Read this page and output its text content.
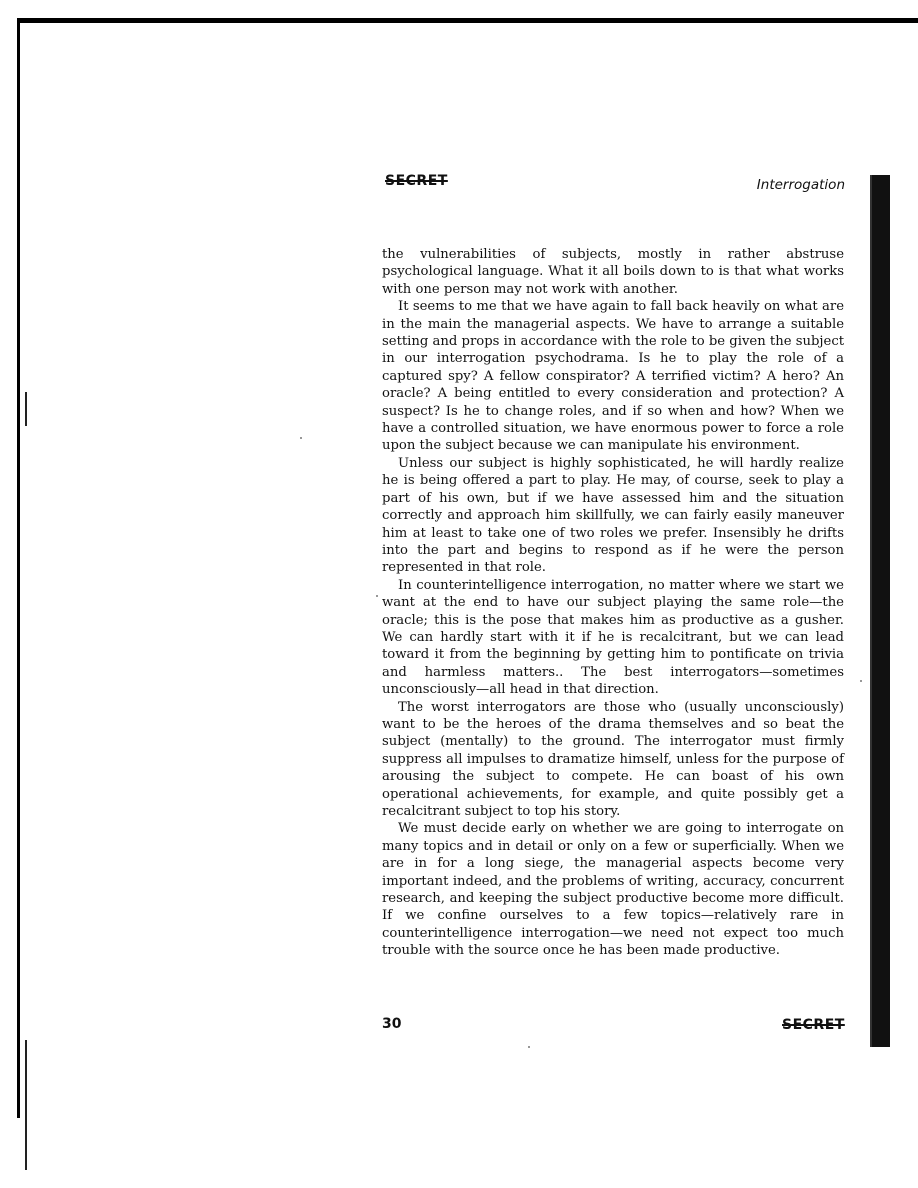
SECRET	Interrogation

the vulnerabilities of subjects, mostly in rather abstruse psychological language. What it all boils down to is that what works with one person may not work with another.

It seems to me that we have again to fall back heavily on what are in the main the managerial aspects. We have to arrange a suitable setting and props in accordance with the role to be given the subject in our interrogation psychodrama. Is he to play the role of a captured spy? A fellow conspirator? A terrified victim? A hero? An oracle? A being entitled to every consideration and protection? A suspect? Is he to change roles, and if so when and how? When we have a controlled situation, we have enormous power to force a role upon the subject because we can manipulate his environment.

Unless our subject is highly sophisticated, he will hardly realize he is being offered a part to play. He may, of course, seek to play a part of his own, but if we have assessed him and the situation correctly and approach him skillfully, we can fairly easily maneuver him at least to take one of two roles we prefer. Insensibly he drifts into the part and begins to respond as if he were the person represented in that role.

In counterintelligence interrogation, no matter where we start we want at the end to have our subject playing the same role—the oracle; this is the pose that makes him as productive as a gusher. We can hardly start with it if he is recalcitrant, but we can lead toward it from the beginning by getting him to pontificate on trivia and harmless matters.. The best interrogators—sometimes unconsciously—all head in that direction.

The worst interrogators are those who (usually unconsciously) want to be the heroes of the drama themselves and so beat the subject (mentally) to the ground. The interrogator must firmly suppress all impulses to dramatize himself, unless for the purpose of arousing the subject to compete. He can boast of his own operational achievements, for example, and quite possibly get a recalcitrant subject to top his story.

We must decide early on whether we are going to interrogate on many topics and in detail or only on a few or superficially. When we are in for a long siege, the managerial aspects become very important indeed, and the problems of writing, accuracy, concurrent research, and keeping the subject productive become more difficult. If we confine ourselves to a few topics—relatively rare in counterintelligence interrogation—we need not expect too much trouble with the source once he has been made productive.

30	SECRET
